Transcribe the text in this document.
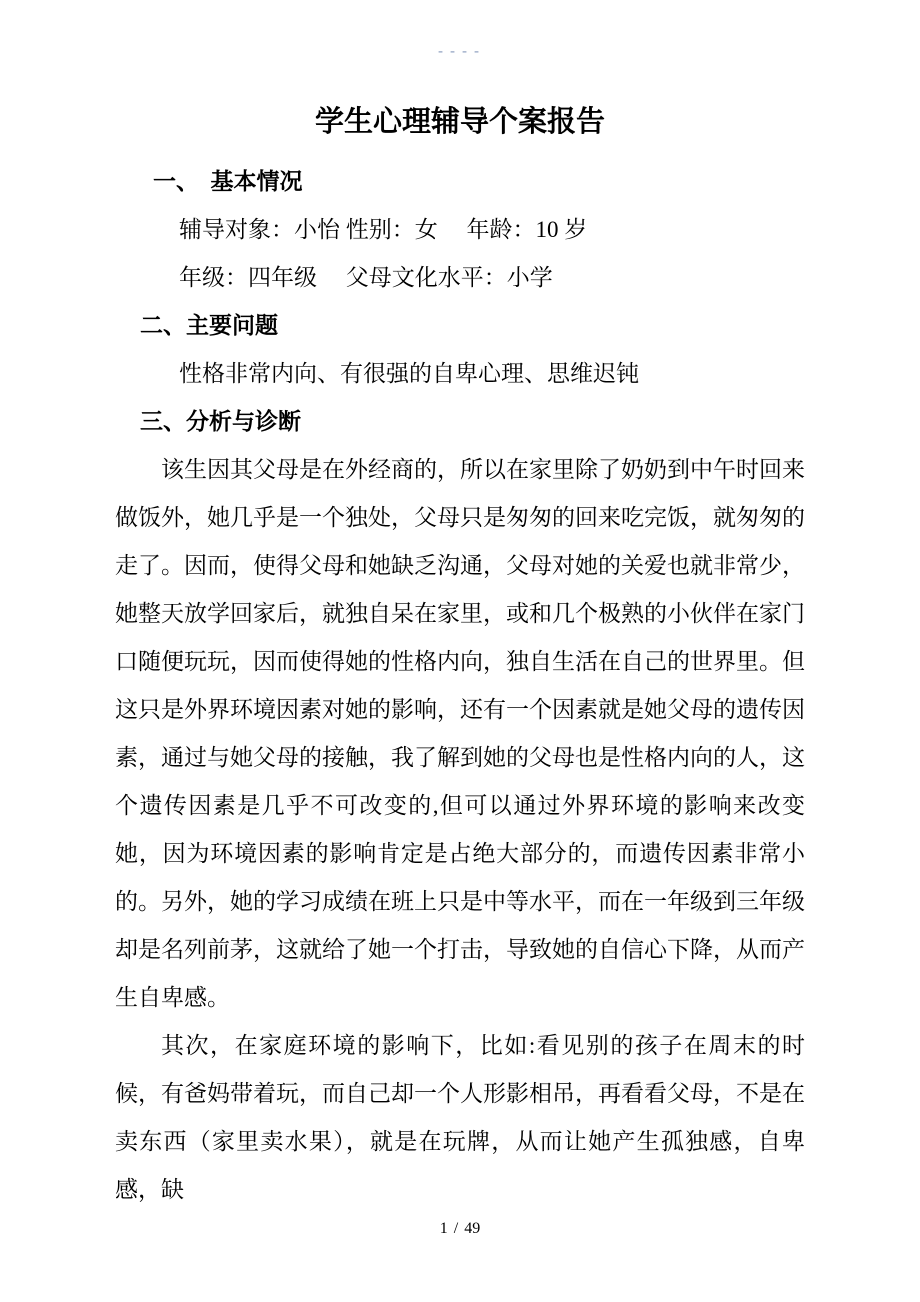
----
学生心理辅导个案报告
一、　基本情况

辅导对象：小怡 性别：女　 年龄：10 岁

年级：四年级　 父母文化水平：小学

二、主要问题

性格非常内向、有很强的自卑心理、思维迟钝

三、分析与诊断

该生因其父母是在外经商的，所以在家里除了奶奶到中午时回来做饭外，她几乎是一个独处，父母只是匆匆的回来吃完饭，就匆匆的走了。因而，使得父母和她缺乏沟通，父母对她的关爱也就非常少，她整天放学回家后，就独自呆在家里，或和几个极熟的小伙伴在家门口随便玩玩，因而使得她的性格内向，独自生活在自己的世界里。但这只是外界环境因素对她的影响，还有一个因素就是她父母的遗传因素，通过与她父母的接触，我了解到她的父母也是性格内向的人，这个遗传因素是几乎不可改变的,但可以通过外界环境的影响来改变她，因为环境因素的影响肯定是占绝大部分的，而遗传因素非常小的。另外，她的学习成绩在班上只是中等水平，而在一年级到三年级却是名列前茅，这就给了她一个打击，导致她的自信心下降，从而产生自卑感。

其次，在家庭环境的影响下，比如:看见别的孩子在周末的时候，有爸妈带着玩，而自己却一个人形影相吊，再看看父母，不是在卖东西（家里卖水果），就是在玩牌，从而让她产生孤独感，自卑感，缺

1 / 49
